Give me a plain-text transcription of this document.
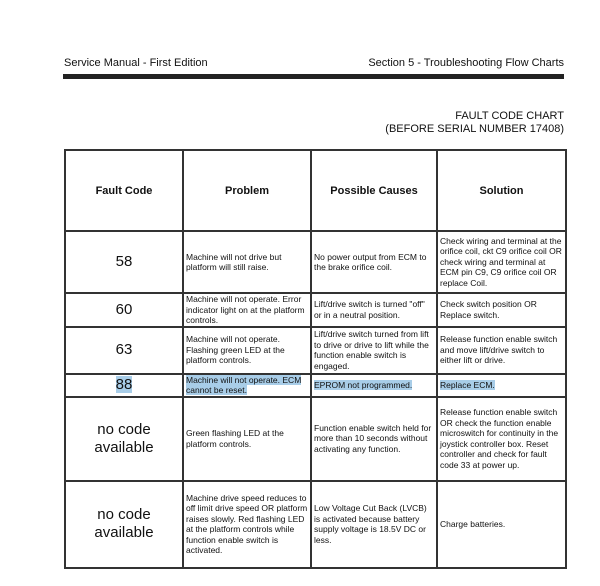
Service Manual - First Edition	Section 5 - Troubleshooting Flow Charts
FAULT CODE CHART
(BEFORE SERIAL NUMBER 17408)
Fault Code	Problem	Possible Causes	Solution
58	Machine will not drive but platform will still raise.	No power output from ECM to the brake orifice coil.	Check wiring and terminal at the orifice coil, ckt C9 orifice coil OR check wiring and terminal at ECM pin C9, C9 orifice coil OR replace Coil.
60	Machine will not operate. Error indicator light on at the platform controls.	Lift/drive switch is turned "off" or in a neutral position.	Check switch position OR Replace switch.
63	Machine will not operate. Flashing green LED at the platform controls.	Lift/drive switch turned from lift to drive or drive to lift while the function enable switch is engaged.	Release function enable switch and move lift/drive switch to either lift or drive.
88	Machine will not operate. ECM cannot be reset.	EPROM not programmed.	Replace ECM.
no code available	Green flashing LED at the platform controls.	Function enable switch held for more than 10 seconds without activating any function.	Release function enable switch OR check the function enable microswitch for continuity in the joystick controller box. Reset controller and check for fault code 33 at power up.
no code available	Machine drive speed reduces to off limit drive speed OR platform raises slowly. Red flashing LED at the platform controls while function enable switch is activated.	Low Voltage Cut Back (LVCB) is activated because battery supply voltage is 18.5V DC or less.	Charge batteries.
